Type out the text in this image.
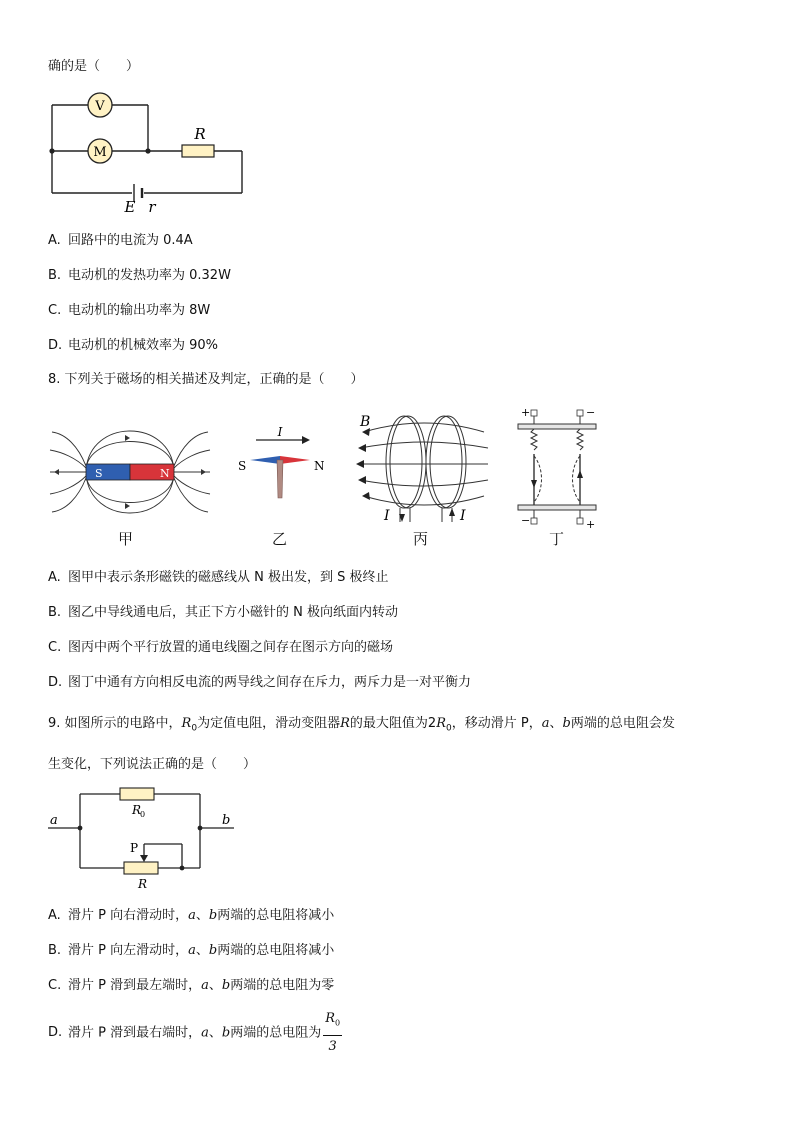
确的是（　　）
V
M
R
E r
A. 回路中的电流为 0.4A
B. 电动机的发热功率为 0.32W
C. 电动机的输出功率为 8W
D. 电动机的机械效率为 90%
8. 下列关于磁场的相关描述及判定，正确的是（　　）
S	N
甲
I
S	N
乙
B
I	I
丙
+	−
−	+
丁
A. 图甲中表示条形磁铁的磁感线从 N 极出发，到 S 极终止
B. 图乙中导线通电后，其正下方小磁针的 N 极向纸面内转动
C. 图丙中两个平行放置的通电线圈之间存在图示方向的磁场
D. 图丁中通有方向相反电流的两导线之间存在斥力，两斥力是一对平衡力
9. 如图所示的电路中，$R_0$为定值电阻，滑动变阻器R的最大阻值为$2R_0$，移动滑片 P，a、b两端的总电阻会发
生变化，下列说法正确的是（　　）
a	b
R
0
P
R
A. 滑片 P 向右滑动时，a、b两端的总电阻将减小
B. 滑片 P 向左滑动时，a、b两端的总电阻将减小
C. 滑片 P 滑到最左端时，a、b两端的总电阻为零
D. 滑片 P 滑到最右端时，a、b两端的总电阻为 $\frac{R_0}{3}$
